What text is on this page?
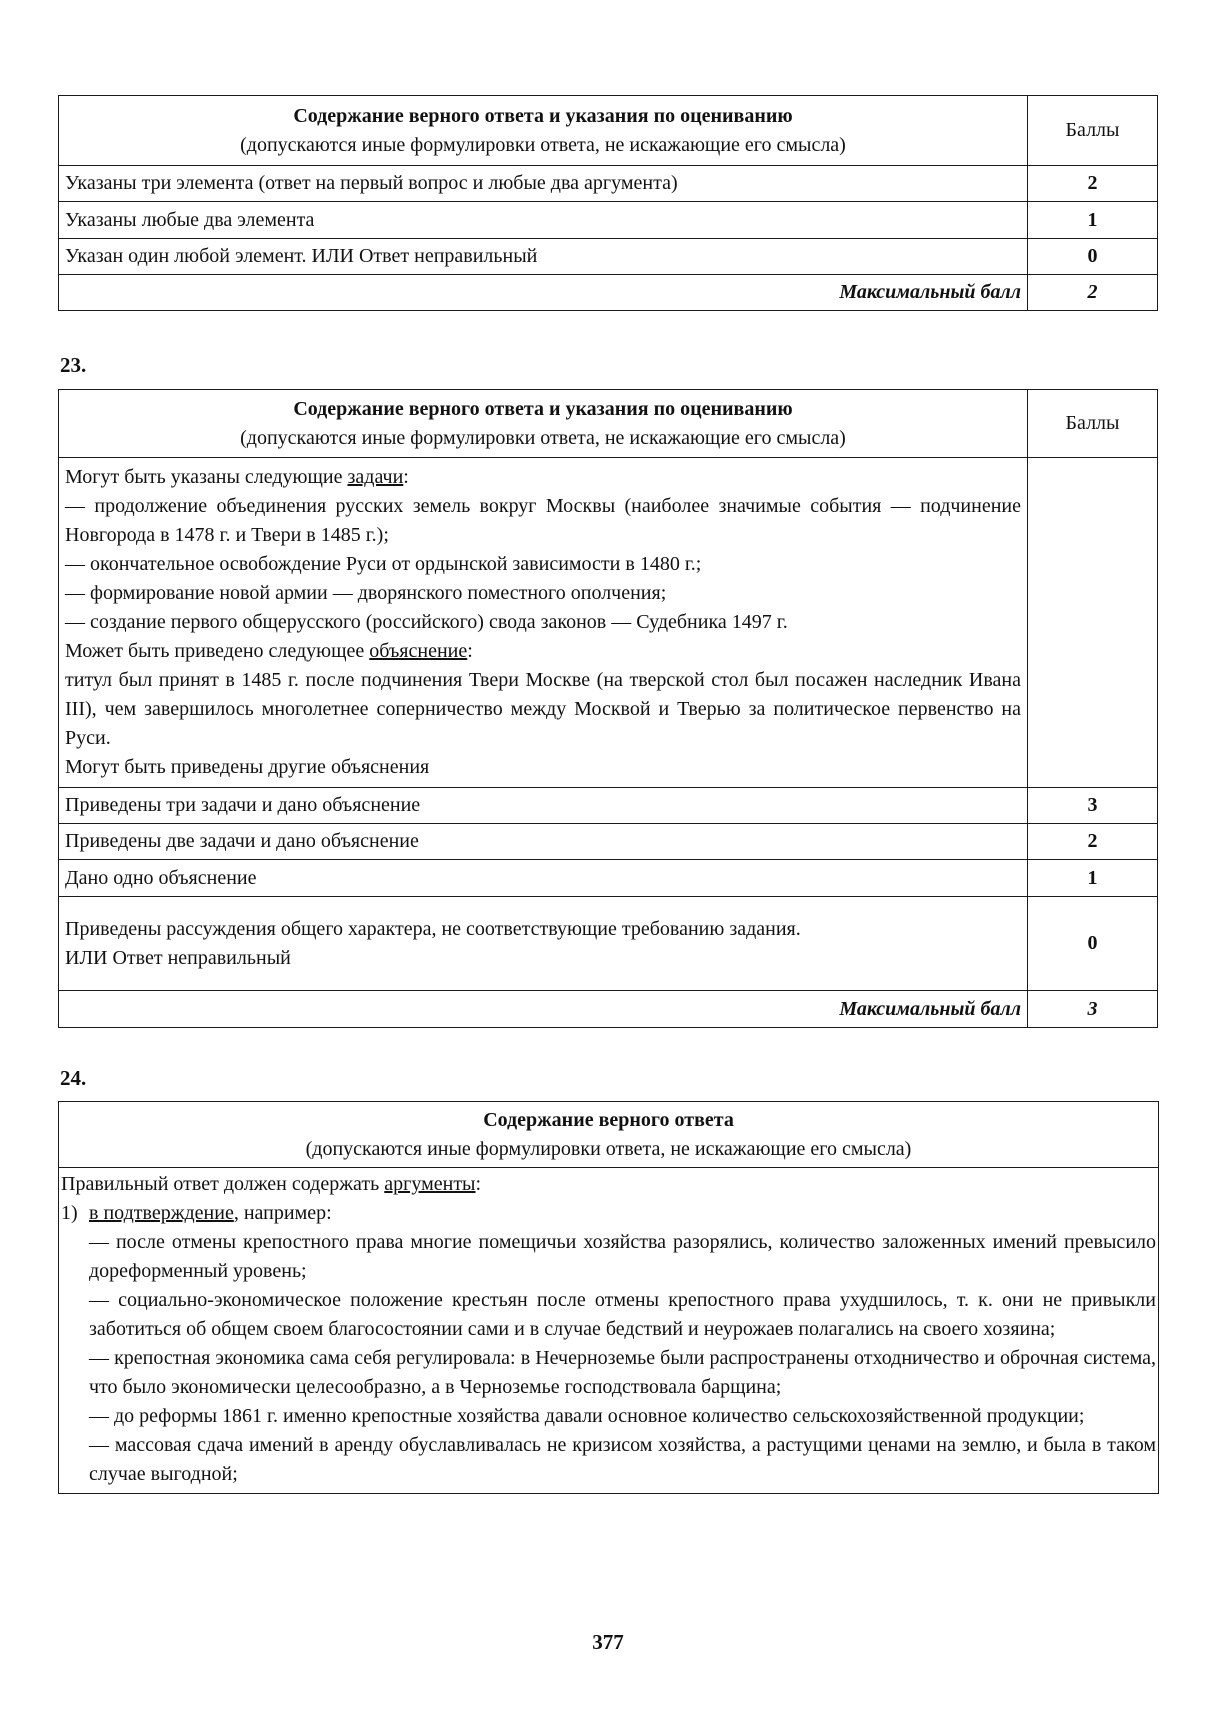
Содержание верного ответа и указания по оцениванию
(допускаются иные формулировки ответа, не искажающие его смысла)	Баллы
Указаны три элемента (ответ на первый вопрос и любые два аргумента)	2
Указаны любые два элемента	1
Указан один любой элемент. ИЛИ Ответ неправильный	0
Максимальный балл	2
23.
Содержание верного ответа и указания по оцениванию
(допускаются иные формулировки ответа, не искажающие его смысла)	Баллы

Могут быть указаны следующие задачи:
— продолжение объединения русских земель вокруг Москвы (наиболее значимые события — подчинение Новгорода в 1478 г. и Твери в 1485 г.);
— окончательное освобождение Руси от ордынской зависимости в 1480 г.;
— формирование новой армии — дворянского поместного ополчения;
— создание первого общерусского (российского) свода законов — Судебника 1497 г.
Может быть приведено следующее объяснение:
титул был принят в 1485 г. после подчинения Твери Москве (на тверской стол был посажен наследник Ивана III), чем завершилось многолетнее соперничество между Москвой и Тверью за политическое первенство на Руси.
Могут быть приведены другие объяснения

Приведены три задачи и дано объяснение	3
Приведены две задачи и дано объяснение	2
Дано одно объяснение	1

Приведены рассуждения общего характера, не соответствующие требованию задания.
ИЛИ Ответ неправильный	0
Максимальный балл	3
24.
Содержание верного ответа
(допускаются иные формулировки ответа, не искажающие его смысла)

Правильный ответ должен содержать аргументы:
1) в подтверждение, например:
— после отмены крепостного права многие помещичьи хозяйства разорялись, количество заложенных имений превысило дореформенный уровень;
— социально-экономическое положение крестьян после отмены крепостного права ухудшилось, т. к. они не привыкли заботиться об общем своем благосостоянии сами и в случае бедствий и неурожаев полагались на своего хозяина;
— крепостная экономика сама себя регулировала: в Нечерноземье были распространены отходничество и оброчная система, что было экономически целесообразно, а в Черноземье господствовала барщина;
— до реформы 1861 г. именно крепостные хозяйства давали основное количество сельскохозяйственной продукции;
— массовая сдача имений в аренду обуславливалась не кризисом хозяйства, а растущими ценами на землю, и была в таком случае выгодной;
377
